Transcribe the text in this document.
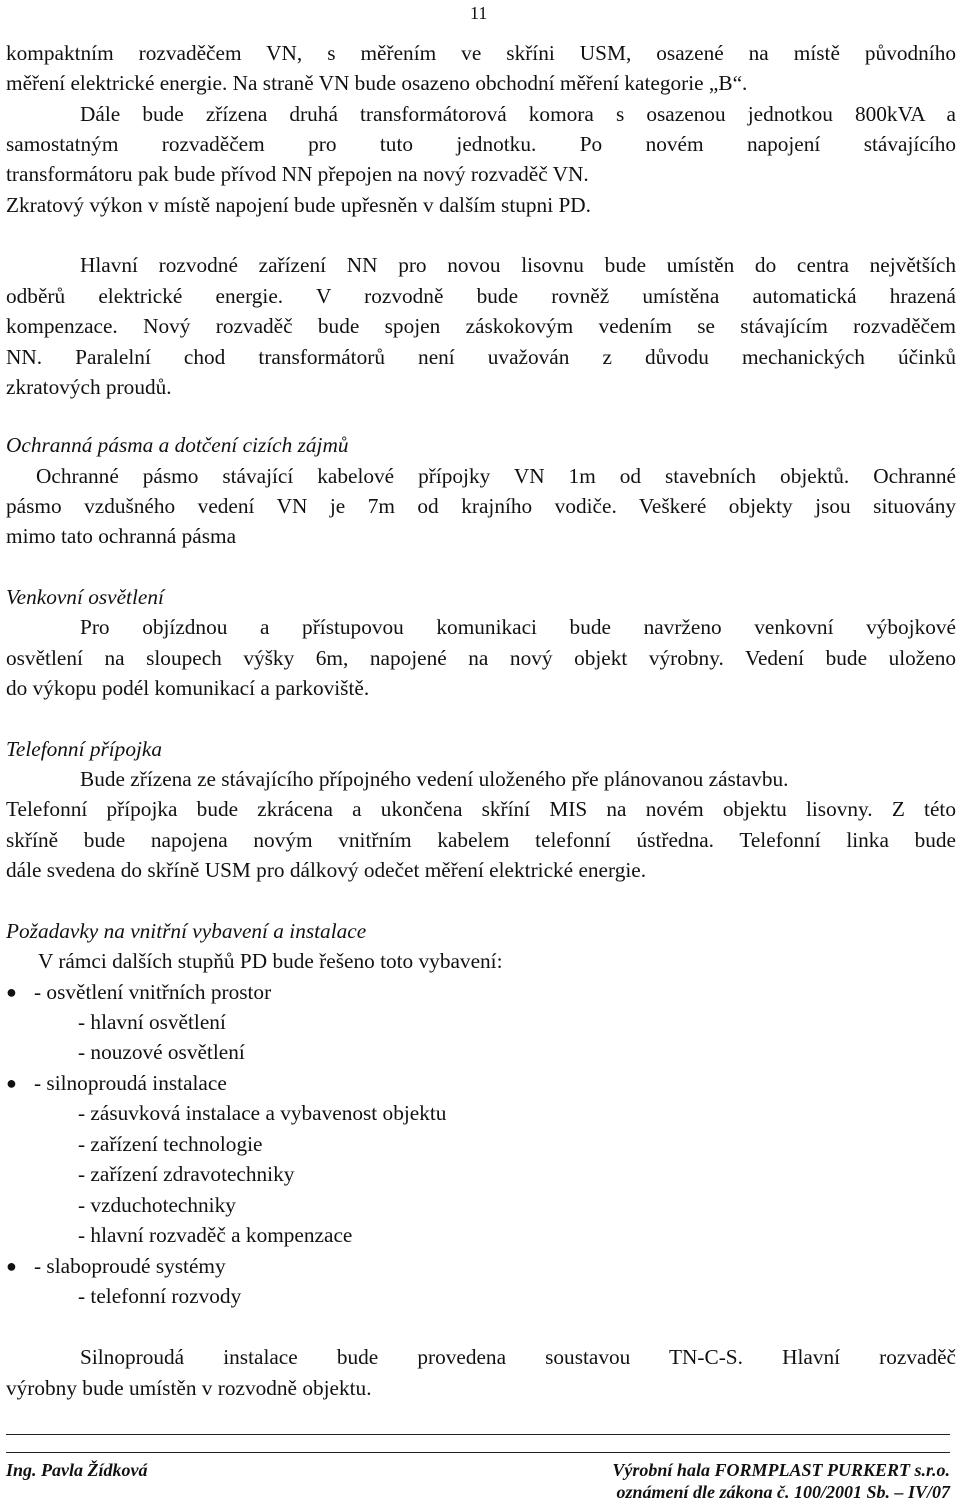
11
kompaktním rozvaděčem VN, s měřením ve skříni USM, osazené na místě původního
měření elektrické energie. Na straně VN bude osazeno obchodní měření kategorie „B“.
Dále bude zřízena druhá transformátorová komora s osazenou jednotkou 800kVA a
samostatným rozvaděčem pro tuto jednotku. Po novém napojení stávajícího
transformátoru pak bude přívod NN přepojen na nový rozvaděč VN.
Zkratový výkon v místě napojení bude upřesněn v dalším stupni PD.
Hlavní rozvodné zařízení NN pro novou lisovnu bude umístěn do centra největších
odběrů elektrické energie. V rozvodně bude rovněž umístěna automatická hrazená
kompenzace. Nový rozvaděč bude spojen záskokovým vedením se stávajícím rozvaděčem
NN. Paralelní chod transformátorů není uvažován z důvodu mechanických účinků
zkratových proudů.
Ochranná pásma a dotčení cizích zájmů
Ochranné pásmo stávající kabelové přípojky VN 1m od stavebních objektů. Ochranné
pásmo vzdušného vedení VN je 7m od krajního vodiče. Veškeré objekty jsou situovány
mimo tato ochranná pásma
Venkovní osvětlení
Pro objízdnou a přístupovou komunikaci bude navrženo venkovní výbojkové
osvětlení na sloupech výšky 6m, napojené na nový objekt výrobny. Vedení bude uloženo
do výkopu podél komunikací a parkoviště.
Telefonní přípojka
Bude zřízena ze stávajícího přípojného vedení uloženého pře plánovanou zástavbu.
Telefonní přípojka bude zkrácena a ukončena skříní MIS na novém objektu lisovny. Z této
skříně bude napojena novým vnitřním kabelem telefonní ústředna. Telefonní linka bude
dále svedena do skříně USM pro dálkový odečet měření elektrické energie.
Požadavky na vnitřní vybavení a instalace
V rámci dalších stupňů PD bude řešeno toto vybavení:
● - osvětlení vnitřních prostor
- hlavní osvětlení
- nouzové osvětlení
● - silnoproudá instalace
- zásuvková instalace a vybavenost objektu
- zařízení technologie
- zařízení zdravotechniky
- vzduchotechniky
- hlavní rozvaděč a kompenzace
● - slaboproudé systémy
- telefonní rozvody
Silnoproudá instalace bude provedena soustavou TN-C-S. Hlavní rozvaděč
výrobny bude umístěn v rozvodně objektu.
Ing. Pavla Žídková	Výrobní hala FORMPLAST PURKERT s.r.o.
oznámení dle zákona č. 100/2001 Sb. – IV/07
